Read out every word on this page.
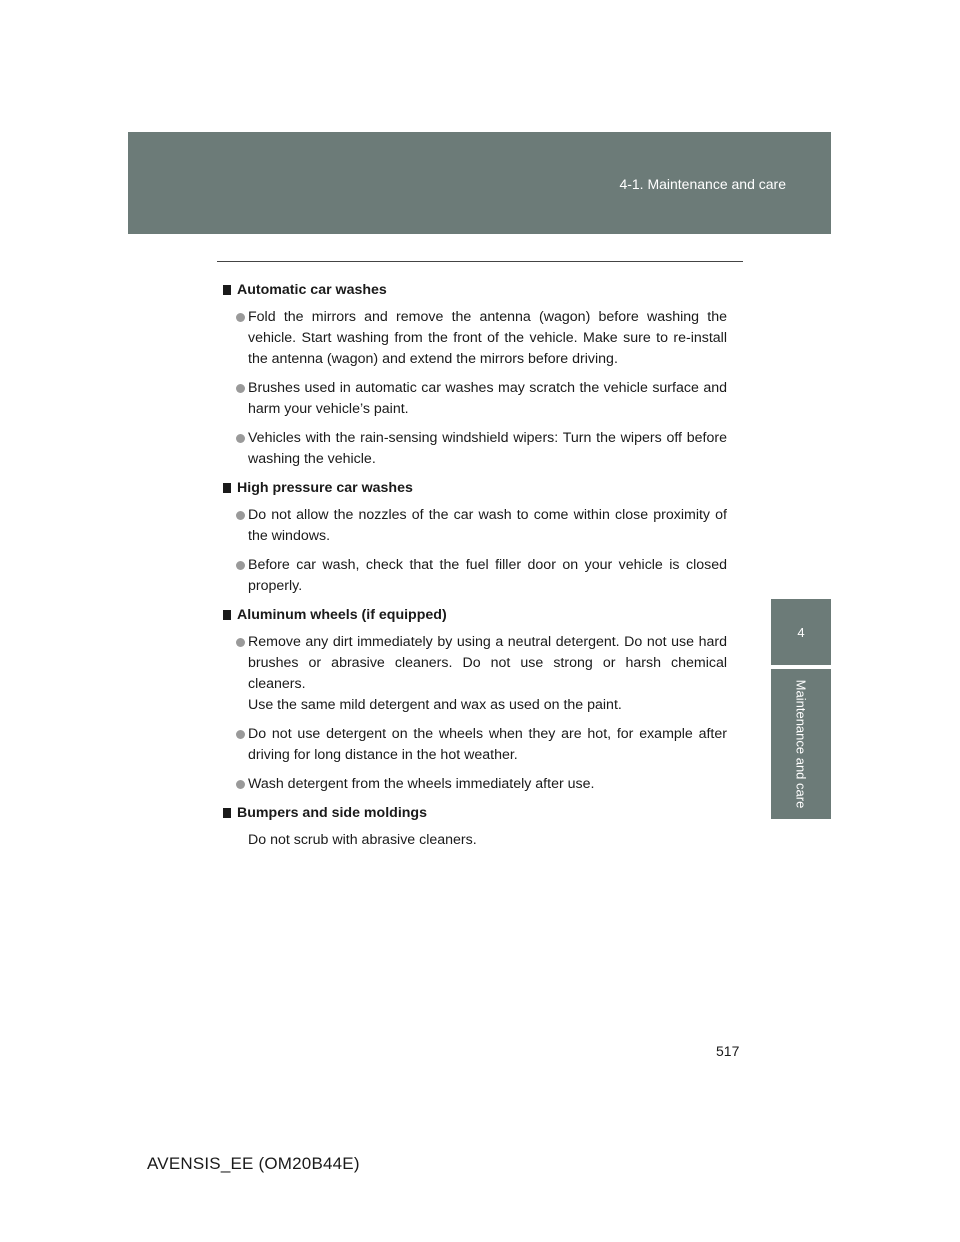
4-1. Maintenance and care
4
Maintenance and care
Automatic car washes
Fold the mirrors and remove the antenna (wagon) before washing the vehicle. Start washing from the front of the vehicle. Make sure to re-install the antenna (wagon) and extend the mirrors before driving.
Brushes used in automatic car washes may scratch the vehicle surface and harm your vehicle’s paint.
Vehicles with the rain-sensing windshield wipers: Turn the wipers off before washing the vehicle.
High pressure car washes
Do not allow the nozzles of the car wash to come within close proximity of the windows.
Before car wash, check that the fuel filler door on your vehicle is closed properly.
Aluminum wheels (if equipped)
Remove any dirt immediately by using a neutral detergent. Do not use hard brushes or abrasive cleaners. Do not use strong or harsh chemical cleaners.
Use the same mild detergent and wax as used on the paint.
Do not use detergent on the wheels when they are hot, for example after driving for long distance in the hot weather.
Wash detergent from the wheels immediately after use.
Bumpers and side moldings
Do not scrub with abrasive cleaners.
517
AVENSIS_EE (OM20B44E)
